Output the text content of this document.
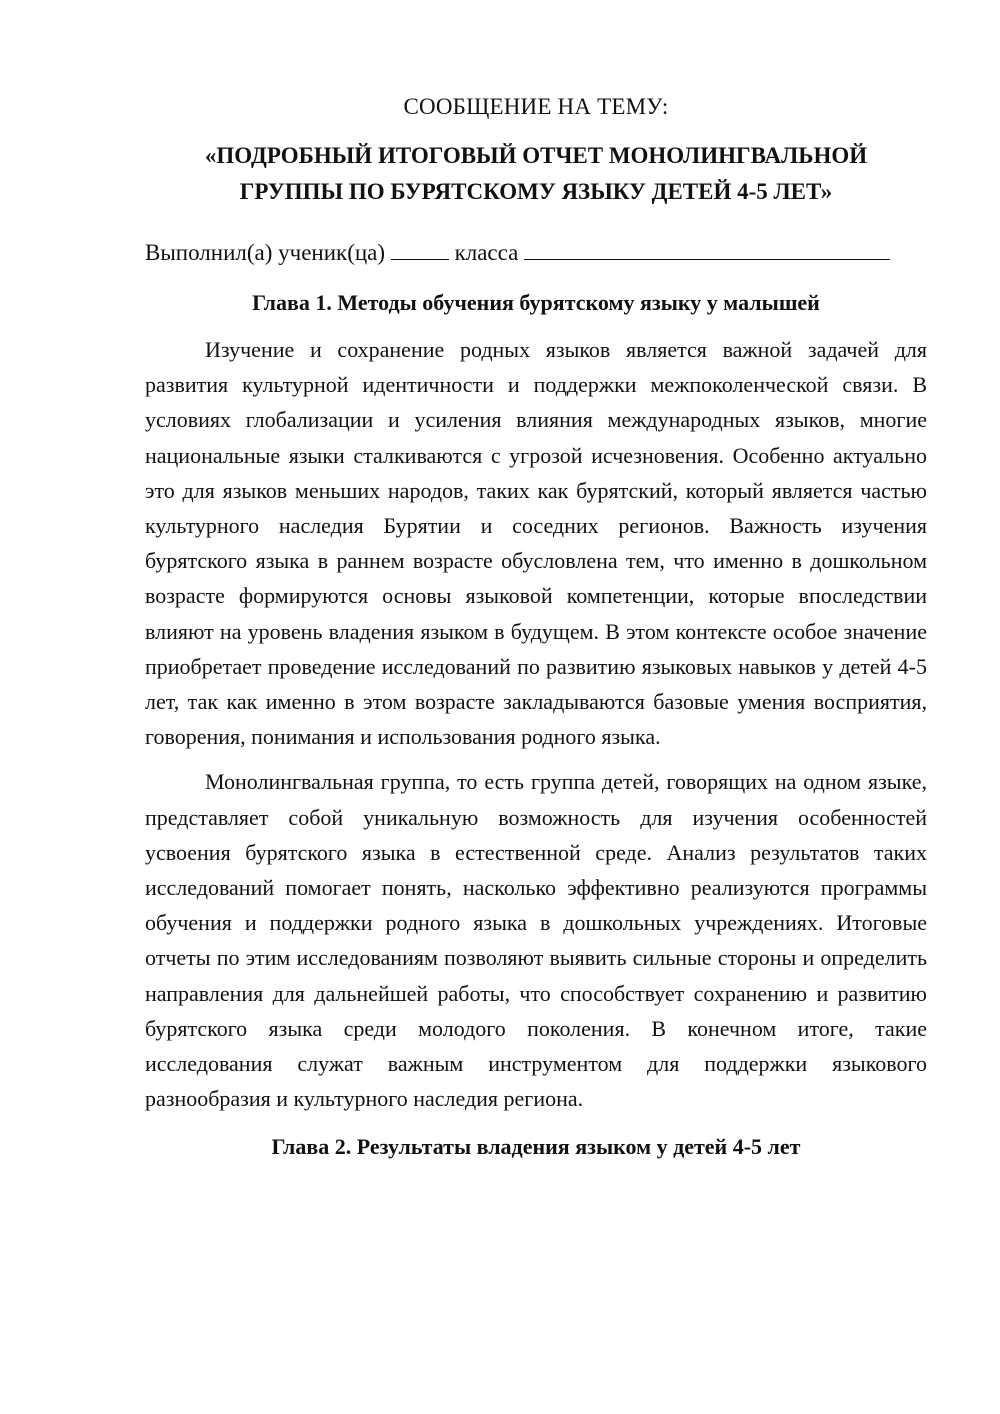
СООБЩЕНИЕ НА ТЕМУ:
«ПОДРОБНЫЙ ИТОГОВЫЙ ОТЧЕТ МОНОЛИНГВАЛЬНОЙ
ГРУППЫ ПО БУРЯТСКОМУ ЯЗЫКУ ДЕТЕЙ 4-5 ЛЕТ»
Выполнил(а) ученик(ца)	класса
Глава 1. Методы обучения бурятскому языку у малышей

Изучение и сохранение родных языков является важной задачей для развития культурной идентичности и поддержки межпоколенческой связи. В условиях глобализации и усиления влияния международных языков, многие национальные языки сталкиваются с угрозой исчезновения. Особенно актуально это для языков меньших народов, таких как бурятский, который является частью культурного наследия Бурятии и соседних регионов. Важность изучения бурятского языка в раннем возрасте обусловлена тем, что именно в дошкольном возрасте формируются основы языковой компетенции, которые впоследствии влияют на уровень владения языком в будущем. В этом контексте особое значение приобретает проведение исследований по развитию языковых навыков у детей 4-5 лет, так как именно в этом возрасте закладываются базовые умения восприятия, говорения, понимания и использования родного языка.

Монолингвальная группа, то есть группа детей, говорящих на одном языке, представляет собой уникальную возможность для изучения особенностей усвоения бурятского языка в естественной среде. Анализ результатов таких исследований помогает понять, насколько эффективно реализуются программы обучения и поддержки родного языка в дошкольных учреждениях. Итоговые отчеты по этим исследованиям позволяют выявить сильные стороны и определить направления для дальнейшей работы, что способствует сохранению и развитию бурятского языка среди молодого поколения. В конечном итоге, такие исследования служат важным инструментом для поддержки языкового разнообразия и культурного наследия региона.

Глава 2. Результаты владения языком у детей 4-5 лет
